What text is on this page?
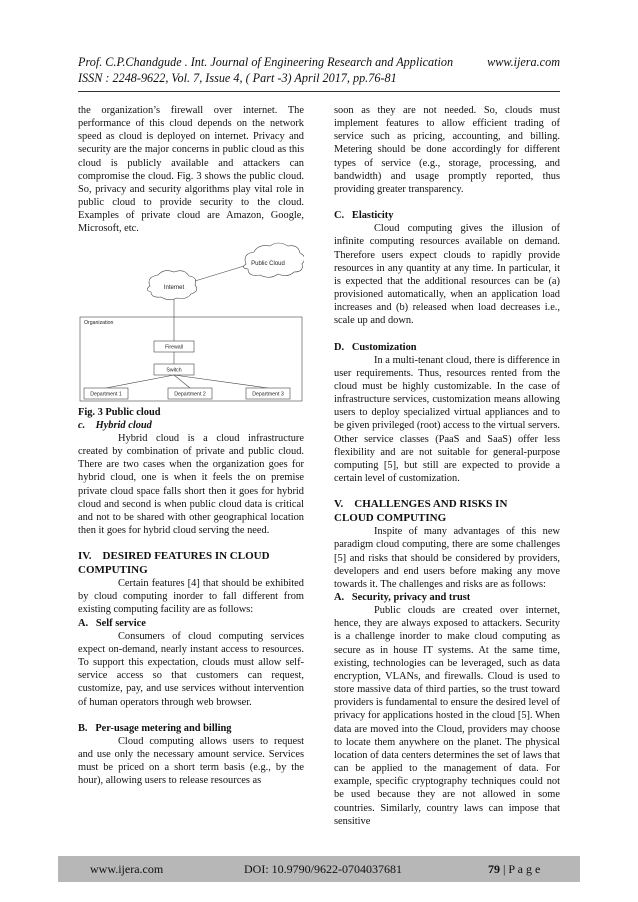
Prof. C.P.Chandgude . Int. Journal of Engineering Research and Application	www.ijera.com
ISSN : 2248-9622, Vol. 7, Issue 4, ( Part -3) April 2017, pp.76-81

the organization’s firewall over internet. The performance of this cloud depends on the network speed as cloud is deployed on internet. Privacy and security are the major concerns in public cloud as this cloud is publicly available and attackers can compromise the cloud. Fig. 3 shows the public cloud. So, privacy and security algorithms play vital role in public cloud to provide security to the cloud. Examples of private cloud are Amazon, Google, Microsoft, etc.

Public Cloud
Internet
Organization
Firewall
Switch
Department 1	Department 2	Department 3

Fig. 3 Public cloud

c.    Hybrid cloud

Hybrid cloud is a cloud infrastructure created by combination of private and public cloud. There are two cases when the organization goes for hybrid cloud, one is when it feels the on premise private cloud space falls short then it goes for hybrid cloud and second is when public cloud data is critical and not to be shared with other geographical location then it goes for hybrid cloud serving the need.

IV.    DESIRED FEATURES IN CLOUD

COMPUTING

Certain features [4] that should be exhibited by cloud computing inorder to fall different from existing computing facility are as follows:

A.   Self service

Consumers of cloud computing services expect on-demand, nearly instant access to resources. To support this expectation, clouds must allow self-service access so that customers can request, customize, pay, and use services without intervention of human operators through web browser.

B.   Per-usage metering and billing

Cloud computing allows users to request and use only the necessary amount service. Services must be priced on a short term basis (e.g., by the hour), allowing users to release resources as

soon as they are not needed. So, clouds must implement features to allow efficient trading of service such as pricing, accounting, and billing. Metering should be done accordingly for different types of service (e.g., storage, processing, and bandwidth) and usage promptly reported, thus providing greater transparency.

C.   Elasticity

Cloud computing gives the illusion of infinite computing resources available on demand. Therefore users expect clouds to rapidly provide resources in any quantity at any time. In particular, it is expected that the additional resources can be (a) provisioned automatically, when an application load increases and (b) released when load decreases i.e., scale up and down.

D.   Customization

In a multi-tenant cloud, there is difference in user requirements. Thus, resources rented from the cloud must be highly customizable. In the case of infrastructure services, customization means allowing users to deploy specialized virtual appliances and to be given privileged (root) access to the virtual servers. Other service classes (PaaS and SaaS) offer less flexibility and are not suitable for general-purpose computing [5], but still are expected to provide a certain level of customization.

V.    CHALLENGES AND RISKS IN

CLOUD COMPUTING

Inspite of many advantages of this new paradigm cloud computing, there are some challenges [5] and risks that should be considered by providers, developers and end users before making any move towards it. The challenges and risks are as follows:

A.   Security, privacy and trust

Public clouds are created over internet, hence, they are always exposed to attackers. Security is a challenge inorder to make cloud computing as secure as in house IT systems. At the same time, existing, technologies can be leveraged, such as data encryption, VLANs, and firewalls. Cloud is used to store massive data of third parties, so the trust toward providers is fundamental to ensure the desired level of privacy for applications hosted in the cloud [5]. When data are moved into the Cloud, providers may choose to locate them anywhere on the planet. The physical location of data centers determines the set of laws that can be applied to the management of data. For example, specific cryptography techniques could not be used because they are not allowed in some countries. Similarly, country laws can impose that sensitive

www.ijera.com	DOI: 10.9790/9622-0704037681	79 | P a g e
